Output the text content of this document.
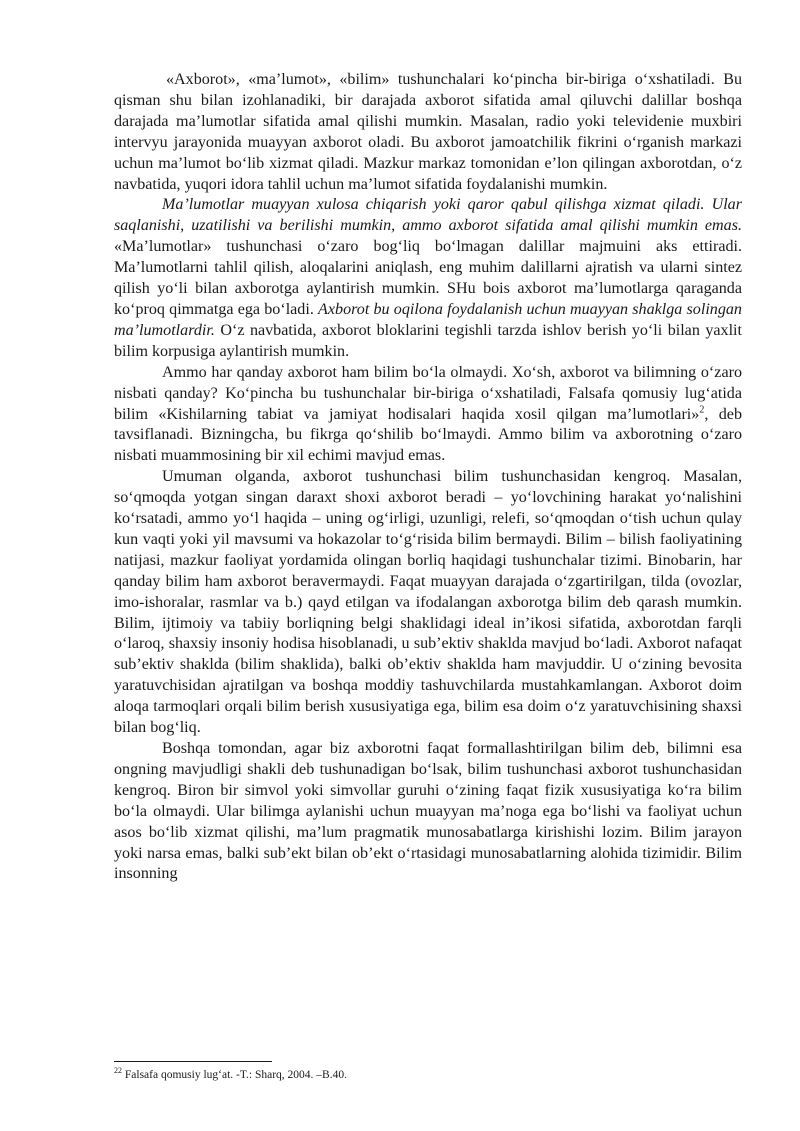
«Axborot», «ma’lumot», «bilim» tushunchalari ko‘pincha bir-biriga o‘xshatiladi. Bu qisman shu bilan izohlanadiki, bir darajada axborot sifatida amal qiluvchi dalillar boshqa darajada ma’lumotlar sifatida amal qilishi mumkin. Masalan, radio yoki televidenie muxbiri intervyu jarayonida muayyan axborot oladi. Bu axborot jamoatchilik fikrini o‘rganish markazi uchun ma’lumot bo‘lib xizmat qiladi. Mazkur markaz tomonidan e’lon qilingan axborotdan, o‘z navbatida, yuqori idora tahlil uchun ma’lumot sifatida foydalanishi mumkin.

Ma’lumotlar muayyan xulosa chiqarish yoki qaror qabul qilishga xizmat qiladi. Ular saqlanishi, uzatilishi va berilishi mumkin, ammo axborot sifatida amal qilishi mumkin emas. «Ma’lumotlar» tushunchasi o‘zaro bog‘liq bo‘lmagan dalillar majmuini aks ettiradi. Ma’lumotlarni tahlil qilish, aloqalarini aniqlash, eng muhim dalillarni ajratish va ularni sintez qilish yo‘li bilan axborotga aylantirish mumkin. SHu bois axborot ma’lumotlarga qaraganda ko‘proq qimmatga ega bo‘ladi. Axborot bu oqilona foydalanish uchun muayyan shaklga solingan ma’lumotlardir. O‘z navbatida, axborot bloklarini tegishli tarzda ishlov berish yo‘li bilan yaxlit bilim korpusiga aylantirish mumkin.

Ammo har qanday axborot ham bilim bo‘la olmaydi. Xo‘sh, axborot va bilimning o‘zaro nisbati qanday? Ko‘pincha bu tushunchalar bir-biriga o‘xshatiladi, Falsafa qomusiy lug‘atida bilim «Kishilarning tabiat va jamiyat hodisalari haqida xosil qilgan ma’lumotlari»$^2$, deb tavsiflanadi. Bizningcha, bu fikrga qo‘shilib bo‘lmaydi. Ammo bilim va axborotning o‘zaro nisbati muammosining bir xil echimi mavjud emas.

Umuman olganda, axborot tushunchasi bilim tushunchasidan kengroq. Masalan, so‘qmoqda yotgan singan daraxt shoxi axborot beradi – yo‘lovchining harakat yo‘nalishini ko‘rsatadi, ammo yo‘l haqida – uning og‘irligi, uzunligi, relefi, so‘qmoqdan o‘tish uchun qulay kun vaqti yoki yil mavsumi va hokazolar to‘g‘risida bilim bermaydi. Bilim – bilish faoliyatining natijasi, mazkur faoliyat yordamida olingan borliq haqidagi tushunchalar tizimi. Binobarin, har qanday bilim ham axborot beravermaydi. Faqat muayyan darajada o‘zgartirilgan, tilda (ovozlar, imo-ishoralar, rasmlar va b.) qayd etilgan va ifodalangan axborotga bilim deb qarash mumkin. Bilim, ijtimoiy va tabiiy borliqning belgi shaklidagi ideal in’ikosi sifatida, axborotdan farqli o‘laroq, shaxsiy insoniy hodisa hisoblanadi, u sub’ektiv shaklda mavjud bo‘ladi. Axborot nafaqat sub’ektiv shaklda (bilim shaklida), balki ob’ektiv shaklda ham mavjuddir. U o‘zining bevosita yaratuvchisidan ajratilgan va boshqa moddiy tashuvchilarda mustahkamlangan. Axborot doim aloqa tarmoqlari orqali bilim berish xususiyatiga ega, bilim esa doim o‘z yaratuvchisining shaxsi bilan bog‘liq.

Boshqa tomondan, agar biz axborotni faqat formallashtirilgan bilim deb, bilimni esa ongning mavjudligi shakli deb tushunadigan bo‘lsak, bilim tushunchasi axborot tushunchasidan kengroq. Biron bir simvol yoki simvollar guruhi o‘zining faqat fizik xususiyatiga ko‘ra bilim bo‘la olmaydi. Ular bilimga aylanishi uchun muayyan ma’noga ega bo‘lishi va faoliyat uchun asos bo‘lib xizmat qilishi, ma’lum pragmatik munosabatlarga kirishishi lozim. Bilim jarayon yoki narsa emas, balki sub’ekt bilan ob’ekt o‘rtasidagi munosabatlarning alohida tizimidir. Bilim insonning

$^{22}$ Falsafa qomusiy lug‘at. -T.: Sharq, 2004. –B.40.
